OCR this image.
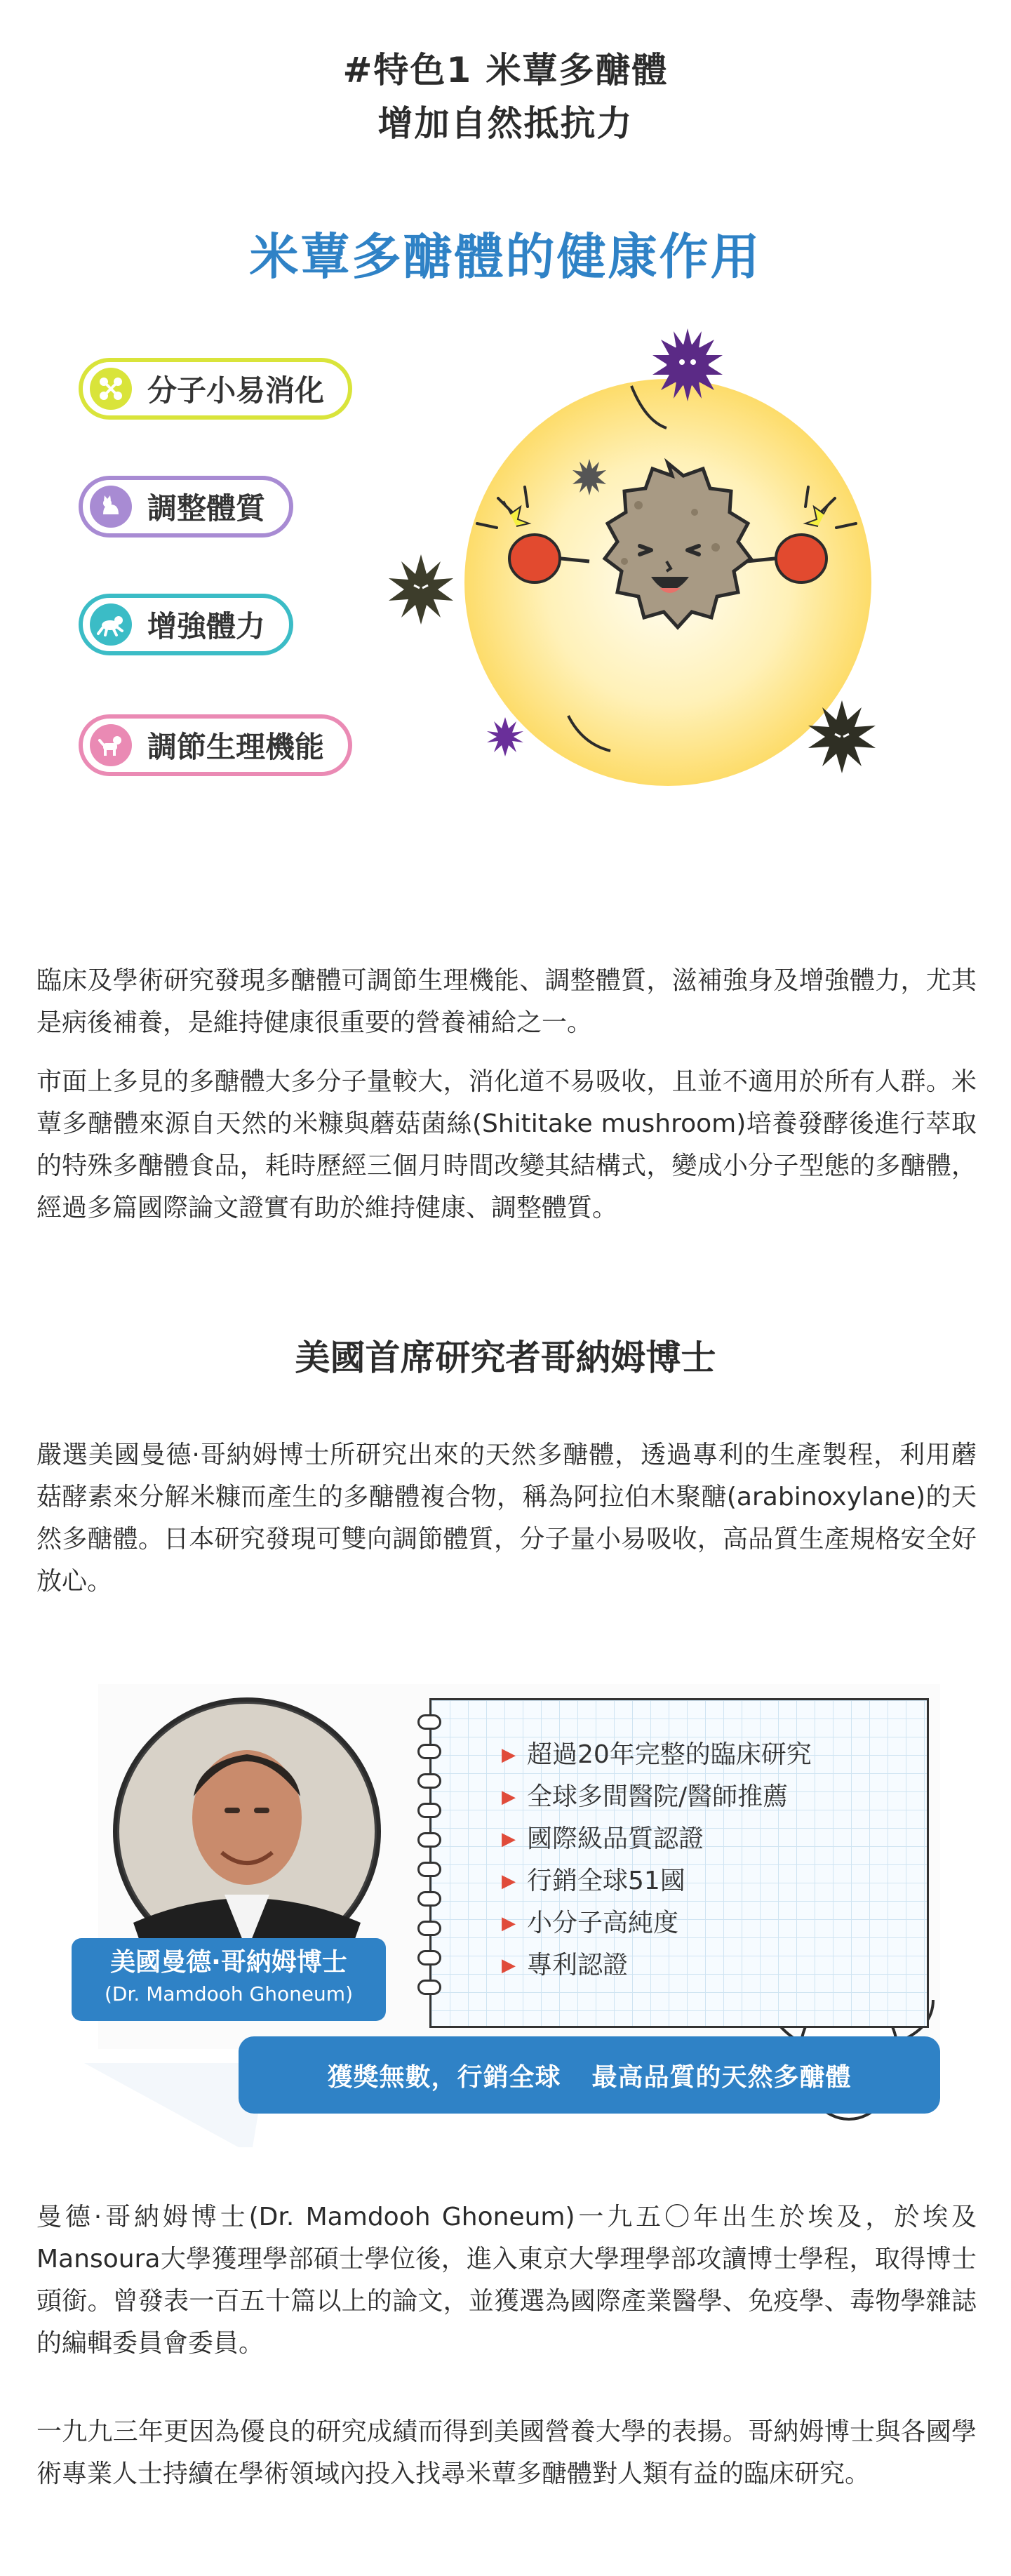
#特色1 米蕈多醣體
增加自然抵抗力
米蕈多醣體的健康作用
分子小易消化
調整體質
增強體力
調節生理機能

臨床及學術研究發現多醣體可調節生理機能、調整體質，滋補強身及增強體力，尤其是病後補養，是維持健康很重要的營養補給之一。

市面上多見的多醣體大多分子量較大，消化道不易吸收，且並不適用於所有人群。米蕈多醣體來源自天然的米糠與蘑菇菌絲(Shititake mushroom)培養發酵後進行萃取的特殊多醣體食品，耗時歷經三個月時間改變其結構式，變成小分子型態的多醣體，經過多篇國際論文證實有助於維持健康、調整體質。

美國首席研究者哥納姆博士

嚴選美國曼德·哥納姆博士所研究出來的天然多醣體，透過專利的生產製程，利用蘑菇酵素來分解米糠而產生的多醣體複合物，稱為阿拉伯木聚醣(arabinoxylane)的天然多醣體。日本研究發現可雙向調節體質，分子量小易吸收，高品質生產規格安全好放心。

▶ 超過20年完整的臨床研究
▶ 全球多間醫院/醫師推薦
▶ 國際級品質認證
▶ 行銷全球51國
▶ 小分子高純度
▶ 專利認證
美國曼德·哥納姆博士
(Dr. Mamdooh Ghoneum)
獲獎無數，行銷全球 最高品質的天然多醣體

曼德·哥納姆博士(Dr. Mamdooh Ghoneum)一九五〇年出生於埃及，於埃及Mansoura大學獲理學部碩士學位後，進入東京大學理學部攻讀博士學程，取得博士頭銜。曾發表一百五十篇以上的論文，並獲選為國際產業醫學、免疫學、毒物學雜誌的編輯委員會委員。

一九九三年更因為優良的研究成績而得到美國營養大學的表揚。哥納姆博士與各國學術專業人士持續在學術領域內投入找尋米蕈多醣體對人類有益的臨床研究。
